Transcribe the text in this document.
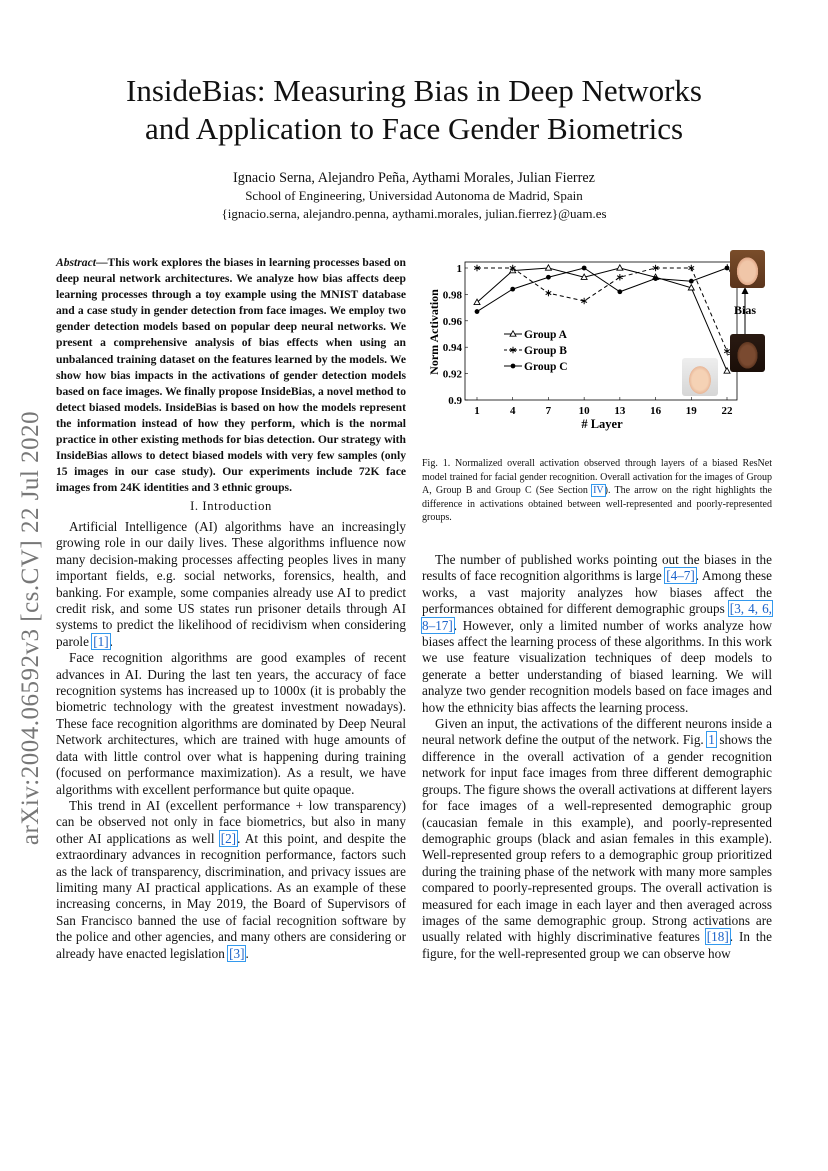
InsideBias: Measuring Bias in Deep Networks
and Application to Face Gender Biometrics
Ignacio Serna, Alejandro Peña, Aythami Morales, Julian Fierrez
School of Engineering, Universidad Autonoma de Madrid, Spain
{ignacio.serna, alejandro.penna, aythami.morales, julian.fierrez}@uam.es
arXiv:2004.06592v3 [cs.CV] 22 Jul 2020
Abstract—This work explores the biases in learning processes based on deep neural network architectures. We analyze how bias affects deep learning processes through a toy example using the MNIST database and a case study in gender detection from face images. We employ two gender detection models based on popular deep neural networks. We present a comprehensive analysis of bias effects when using an unbalanced training dataset on the features learned by the models. We show how bias impacts in the activations of gender detection models based on face images. We finally propose InsideBias, a novel method to detect biased models. InsideBias is based on how the models represent the information instead of how they perform, which is the normal practice in other existing methods for bias detection. Our strategy with InsideBias allows to detect biased models with very few samples (only 15 images in our case study). Our experiments include 72K face images from 24K identities and 3 ethnic groups.
I. Introduction

Artificial Intelligence (AI) algorithms have an increasingly growing role in our daily lives. These algorithms influence now many decision-making processes affecting peoples lives in many important fields, e.g. social networks, forensics, health, and banking. For example, some companies already use AI to predict credit risk, and some US states run prisoner details through AI systems to predict the likelihood of recidivism when considering parole [1].

Face recognition algorithms are good examples of recent advances in AI. During the last ten years, the accuracy of face recognition systems has increased up to 1000x (it is probably the biometric technology with the greatest investment nowadays). These face recognition algorithms are dominated by Deep Neural Network architectures, which are trained with huge amounts of data with little control over what is happening during training (focused on performance maximization). As a result, we have algorithms with excellent performance but quite opaque.

This trend in AI (excellent performance + low transparency) can be observed not only in face biometrics, but also in many other AI applications as well [2]. At this point, and despite the extraordinary advances in recognition performance, factors such as the lack of transparency, discrimination, and privacy issues are limiting many AI practical applications. As an example of these increasing concerns, in May 2019, the Board of Supervisors of San Francisco banned the use of facial recognition software by the police and other agencies, and many others are considering or already have enacted legislation [3].

1	4	7 10 13 16 19 22
0.9
0.92
0.94
0.96
0.98
1
# Layer
Norm Activation	Group A
Group B
Group C
Bias
Fig. 1. Normalized overall activation observed through layers of a biased ResNet model trained for facial gender recognition. Overall activation for the images of Group A, Group B and Group C (See Section IV). The arrow on the right highlights the difference in activations obtained between well-represented and poorly-represented groups.

The number of published works pointing out the biases in the results of face recognition algorithms is large [4–7]. Among these works, a vast majority analyzes how biases affect the performances obtained for different demographic groups [3, 4, 6, 8–17]. However, only a limited number of works analyze how biases affect the learning process of these algorithms. In this work we use feature visualization techniques of deep models to generate a better understanding of biased learning. We will analyze two gender recognition models based on face images and how the ethnicity bias affects the learning process.

Given an input, the activations of the different neurons inside a neural network define the output of the network. Fig. 1 shows the difference in the overall activation of a gender recognition network for input face images from three different demographic groups. The figure shows the overall activations at different layers for face images of a well-represented demographic group (caucasian female in this example), and poorly-represented demographic groups (black and asian females in this example). Well-represented group refers to a demographic group prioritized during the training phase of the network with many more samples compared to poorly-represented groups. The overall activation is measured for each image in each layer and then averaged across images of the same demographic group. Strong activations are usually related with highly discriminative features [18]. In the figure, for the well-represented group we can observe how
